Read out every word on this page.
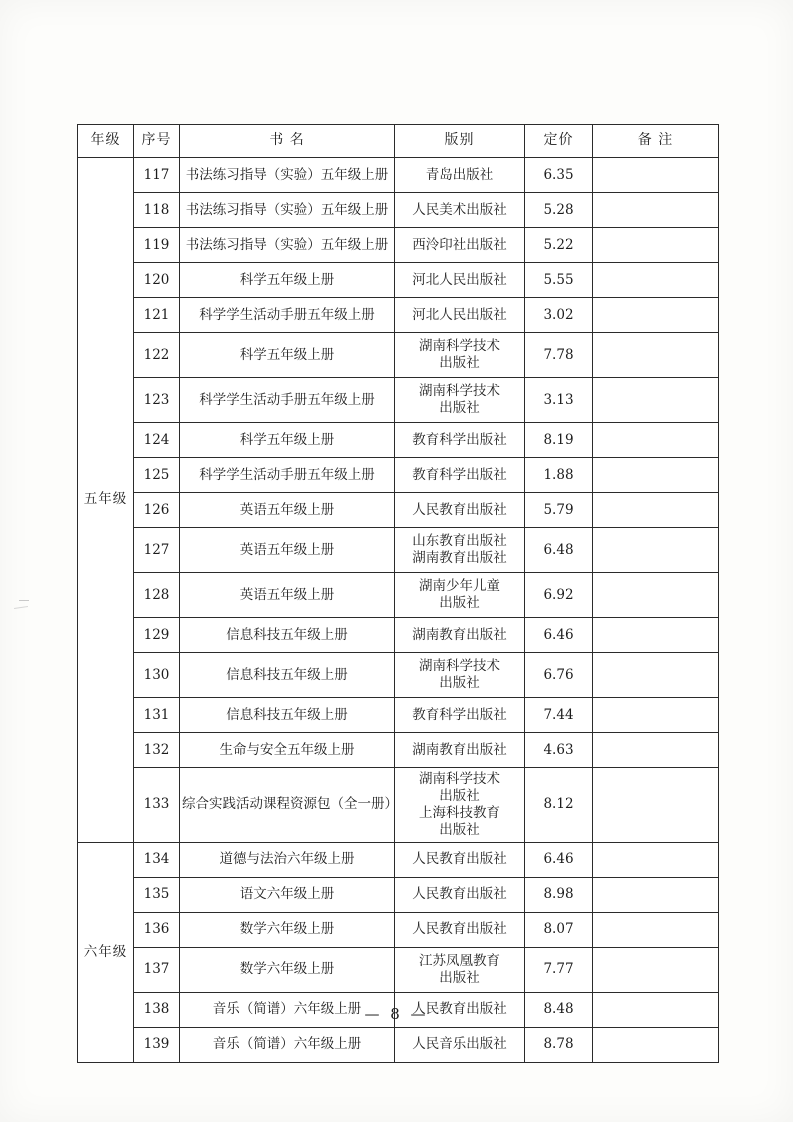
年级	序号	书 名	版别	定价	备 注
五年级	117	书法练习指导（实验）五年级上册	青岛出版社	6.35	
	118	书法练习指导（实验）五年级上册	人民美术出版社	5.28	
	119	书法练习指导（实验）五年级上册	西泠印社出版社	5.22	
	120	科学五年级上册	河北人民出版社	5.55	
	121	科学学生活动手册五年级上册	河北人民出版社	3.02	
	122	科学五年级上册	湖南科学技术
出版社	7.78	
	123	科学学生活动手册五年级上册	湖南科学技术
出版社	3.13	
	124	科学五年级上册	教育科学出版社	8.19	
	125	科学学生活动手册五年级上册	教育科学出版社	1.88	
	126	英语五年级上册	人民教育出版社	5.79	
	127	英语五年级上册	山东教育出版社
湖南教育出版社	6.48	
	128	英语五年级上册	湖南少年儿童
出版社	6.92	
	129	信息科技五年级上册	湖南教育出版社	6.46	
	130	信息科技五年级上册	湖南科学技术
出版社	6.76	
	131	信息科技五年级上册	教育科学出版社	7.44	
	132	生命与安全五年级上册	湖南教育出版社	4.63	
	133	综合实践活动课程资源包（全一册）	湖南科学技术
出版社
上海科技教育
出版社	8.12	
六年级	134	道德与法治六年级上册	人民教育出版社	6.46	
	135	语文六年级上册	人民教育出版社	8.98	
	136	数学六年级上册	人民教育出版社	8.07	
	137	数学六年级上册	江苏凤凰教育
出版社	7.77	
	138	音乐（简谱）六年级上册	人民教育出版社	8.48	
	139	音乐（简谱）六年级上册	人民音乐出版社	8.78	
— 8 —
